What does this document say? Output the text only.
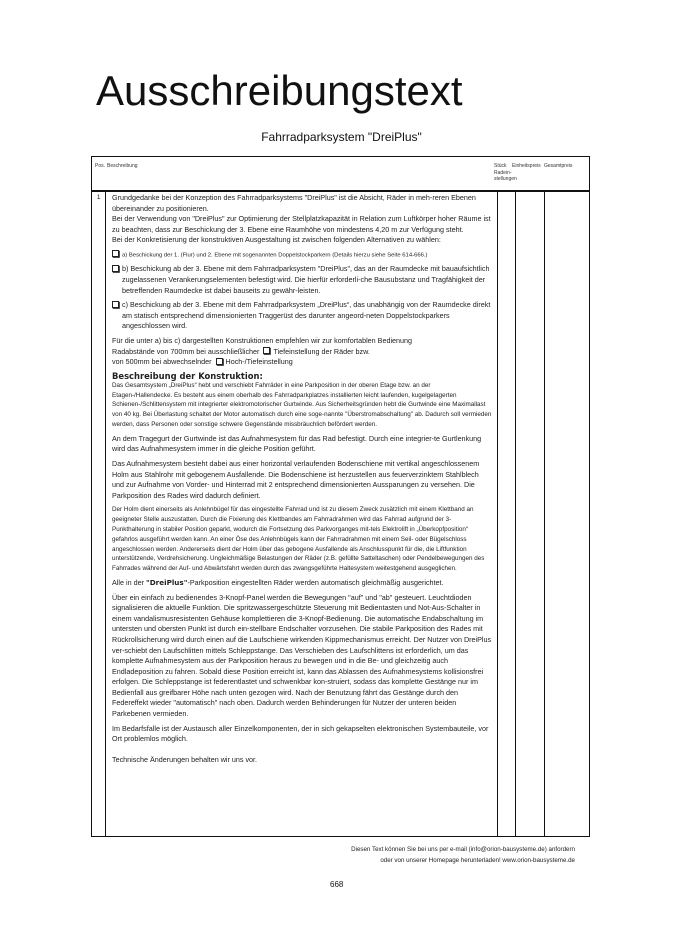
Ausschreibungstext
Fahrradparksystem "DreiPlus"
Pos. Beschreibung	Stück
Radein-
stellungen
Einheitspreis Gesamtpreis
1 Grundgedanke bei der Konzeption des Fahrradparksystems "DreiPlus" ist die Absicht, Räder in meh-reren Ebenen übereinander zu positionieren.

Bei der Verwendung von "DreiPlus" zur Optimierung der Stellplatzkapazität in Relation zum Luftkörper hoher Räume ist zu beachten, dass zur Beschickung der 3. Ebene eine Raumhöhe von mindestens 4,20 m zur Verfügung steht.

Bei der Konkretisierung der konstruktiven Ausgestaltung ist zwischen folgenden Alternativen zu wählen:

a) Beschickung der 1. (Flur) und 2. Ebene mit sogenannten Doppelstockparkern (Details hierzu siehe Seite 614-666.)

b) Beschickung ab der 3. Ebene mit dem Fahrradparksystem "DreiPlus", das an der Raumdecke mit bauaufsichtlich zugelassenen Verankerungselementen befestigt wird. Die hierfür erforderli-che Bausubstanz und Tragfähigkeit der betreffenden Raumdecke ist dabei bauseits zu gewähr-leisten.

c) Beschickung ab der 3. Ebene mit dem Fahrradparksystem „DreiPlus“, das unabhängig von der Raumdecke direkt am statisch entsprechend dimensionierten Traggerüst des darunter angeord-neten Doppelstockparkers angeschlossen wird.

Für die unter a) bis c) dargestellten Konstruktionen empfehlen wir zur komfortablen Bedienung

Radabstände von 700mm bei ausschließlicher Tiefeinstellung der Räder bzw.

von 500mm bei abwechselnder Hoch-/Tiefeinstellung

Beschreibung der Konstruktion:

Das Gesamtsystem „DreiPlus“ hebt und verschiebt Fahrräder in eine Parkposition in der oberen Etage bzw. an der Etagen-/Hallendecke. Es besteht aus einem oberhalb des Fahrradparkplatzes installierten leicht laufenden, kugelgelagerten Schienen-/Schlittensystem mit integrierter elektromotorischer Gurtwinde. Aus Sicherheitsgründen hebt die Gurtwinde eine Maximallast von 40 kg. Bei Überlastung schaltet der Motor automatisch durch eine soge-nannte "Überstromabschaltung" ab. Dadurch soll vermieden werden, dass Personen oder sonstige schwere Gegenstände missbräuchlich befördert werden.

An dem Tragegurt der Gurtwinde ist das Aufnahmesystem für das Rad befestigt. Durch eine integrier-te Gurtlenkung wird das Aufnahmesystem immer in die gleiche Position geführt.

Das Aufnahmesystem besteht dabei aus einer horizontal verlaufenden Bodenschiene mit vertikal angeschlossenem Holm aus Stahlrohr mit gebogenem Ausfallende. Die Bodenschiene ist herzustellen aus feuerverzinktem Stahlblech und zur Aufnahme von Vorder- und Hinterrad mit 2 entsprechend dimensionierten Aussparungen zu versehen. Die Parkposition des Rades wird dadurch definiert.

Der Holm dient einerseits als Anlehnbügel für das eingestellte Fahrrad und ist zu diesem Zweck zusätzlich mit einem Klettband an geeigneter Stelle auszustatten. Durch die Fixierung des Klettbandes am Fahrradrahmen wird das Fahrrad aufgrund der 3-Punkthalterung in stabiler Position geparkt, wodurch die Fortsetzung des Parkvorganges mit-tels Elektrolift in „Überkopfposition“ gefahrlos ausgeführt werden kann. An einer Öse des Anlehnbügels kann der Fahrradrahmen mit einem Seil- oder Bügelschloss angeschlossen werden. Andererseits dient der Holm über das gebogene Ausfallende als Anschlusspunkt für die, die Liftfunktion unterstützende, Verdrehsicherung. Ungleichmäßige Belastungen der Räder (z.B. gefüllte Satteltaschen) oder Pendelbewegungen des Fahrrades während der Auf- und Abwärtsfahrt werden durch das zwangsgeführte Haltesystem weitestgehend ausgeglichen.

Alle in der "DreiPlus"-Parkposition eingestellten Räder werden automatisch gleichmäßig ausgerichtet.

Über ein einfach zu bedienendes 3-Knopf-Panel werden die Bewegungen "auf" und "ab" gesteuert. Leuchtdioden signalisieren die aktuelle Funktion. Die spritzwassergeschützte Steuerung mit Bedientasten und Not-Aus-Schalter in einem vandalismusresistenten Gehäuse komplettieren die 3-Knopf-Bedienung. Die automatische Endabschaltung im untersten und obersten Punkt ist durch ein-stellbare Endschalter vorzusehen. Die stabile Parkposition des Rades mit Rückrollsicherung wird durch einen auf die Laufschiene wirkenden Kippmechanismus erreicht. Der Nutzer von DreiPlus ver-schiebt den Laufschlitten mittels Schleppstange. Das Verschieben des Laufschlittens ist erforderlich, um das komplette Aufnahmesystem aus der Parkposition heraus zu bewegen und in die Be- und gleichzeitig auch Endladeposition zu fahren. Sobald diese Position erreicht ist, kann das Ablassen des Aufnahmesystems kollisionsfrei erfolgen. Die Schleppstange ist federentlastet und schwenkbar kon-struiert, sodass das komplette Gestänge nur im Bedienfall aus greifbarer Höhe nach unten gezogen wird. Nach der Benutzung fährt das Gestänge durch den Federeffekt wieder "automatisch" nach oben. Dadurch werden Behinderungen für Nutzer der unteren beiden Parkebenen vermieden.

Im Bedarfsfalle ist der Austausch aller Einzelkomponenten, der in sich gekapselten elektronischen Systembauteile, vor Ort problemlos möglich.

Technische Änderungen behalten wir uns vor.

Diesen Text können Sie bei uns per e-mail (info@orion-bausysteme.de) anfordern
oder von unserer Homepage herunterladen! www.orion-bausysteme.de
668
